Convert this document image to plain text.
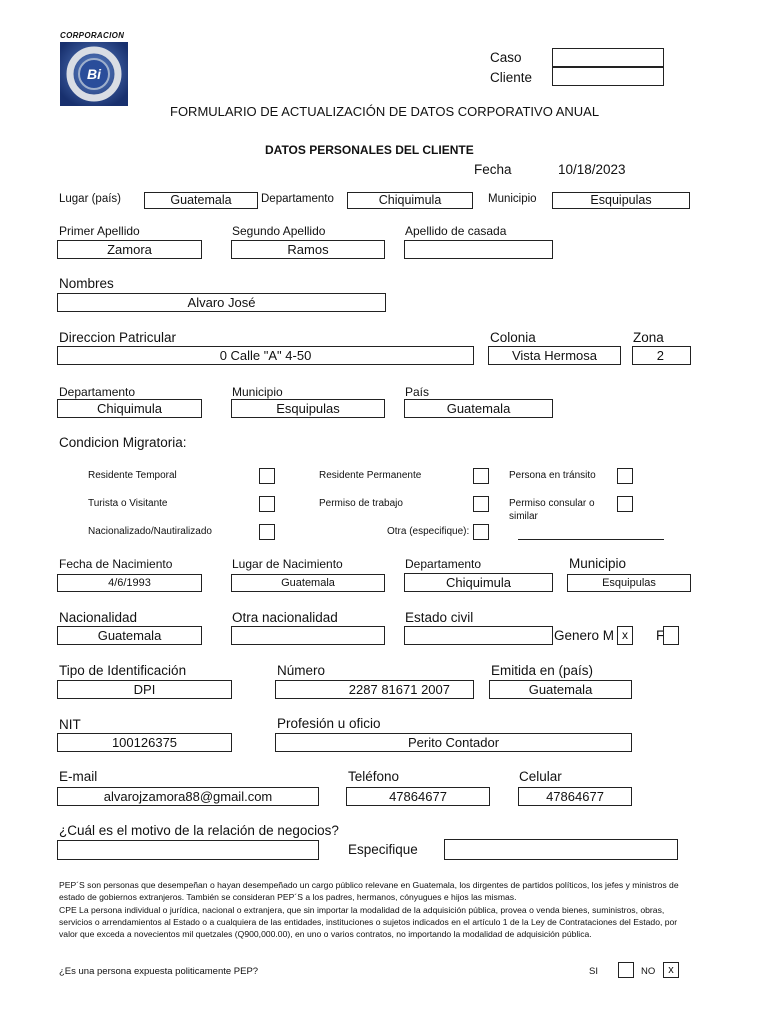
CORPORACION
Bi
Caso
Cliente
FORMULARIO DE ACTUALIZACIÓN DE DATOS CORPORATIVO ANUAL
DATOS PERSONALES DEL CLIENTE
Fecha	10/18/2023
Lugar (país)	Guatemala	Departamento	Chiquimula	Municipio	Esquipulas
Primer Apellido
Zamora
Segundo Apellido
Ramos
Apellido de casada
Nombres
Alvaro José
Direccion Patricular
0 Calle "A" 4-50
Colonia
Vista Hermosa
Zona
2
Departamento
Chiquimula
Municipio
Esquipulas
País
Guatemala
Condicion Migratoria:
Residente Temporal	Residente Permanente	Persona en tránsito
Turista o Visitante	Permiso de trabajo	Permiso consular o
similar
Nacionalizado/Nautiralizado	Otra (especifique):
Fecha de Nacimiento
4/6/1993
Lugar de Nacimiento
Guatemala
Departamento
Chiquimula
Municipio
Esquipulas
Nacionalidad
Guatemala
Otra nacionalidad	Estado civil
Genero M x	F
Tipo de Identificación
DPI
Número
2287 81671 2007
Emitida en (país)
Guatemala
NIT
100126375
Profesión u oficio
Perito Contador
E-mail
alvarojzamora88@gmail.com
Teléfono
47864677
Celular
47864677
¿Cuál es el motivo de la relación de negocios?
Especifique

PEP´S son personas que desempeñan o hayan desempeñado un cargo público relevane en Guatemala, los dirgentes de partidos políticos, los jefes y ministros de estado de gobiernos extranjeros. También se consideran PEP´S a los padres, hermanos, cónyugues e hijos las mismas.

CPE La persona individual o jurídica, nacional o extranjera, que sin importar la modalidad de la adquisición pública, provea o venda bienes, suministros, obras, servicios o arrendamientos al Estado o a cualquiera de las entidades, instituciones o sujetos indicados en el artículo 1 de la Ley de Contrataciones del Estado, por valor que exceda a novecientos mil quetzales (Q900,000.00), en uno o varios contratos, no importando la modalidad de adquisición pública.

¿Es una persona expuesta politicamente PEP?	SI	NO	x
